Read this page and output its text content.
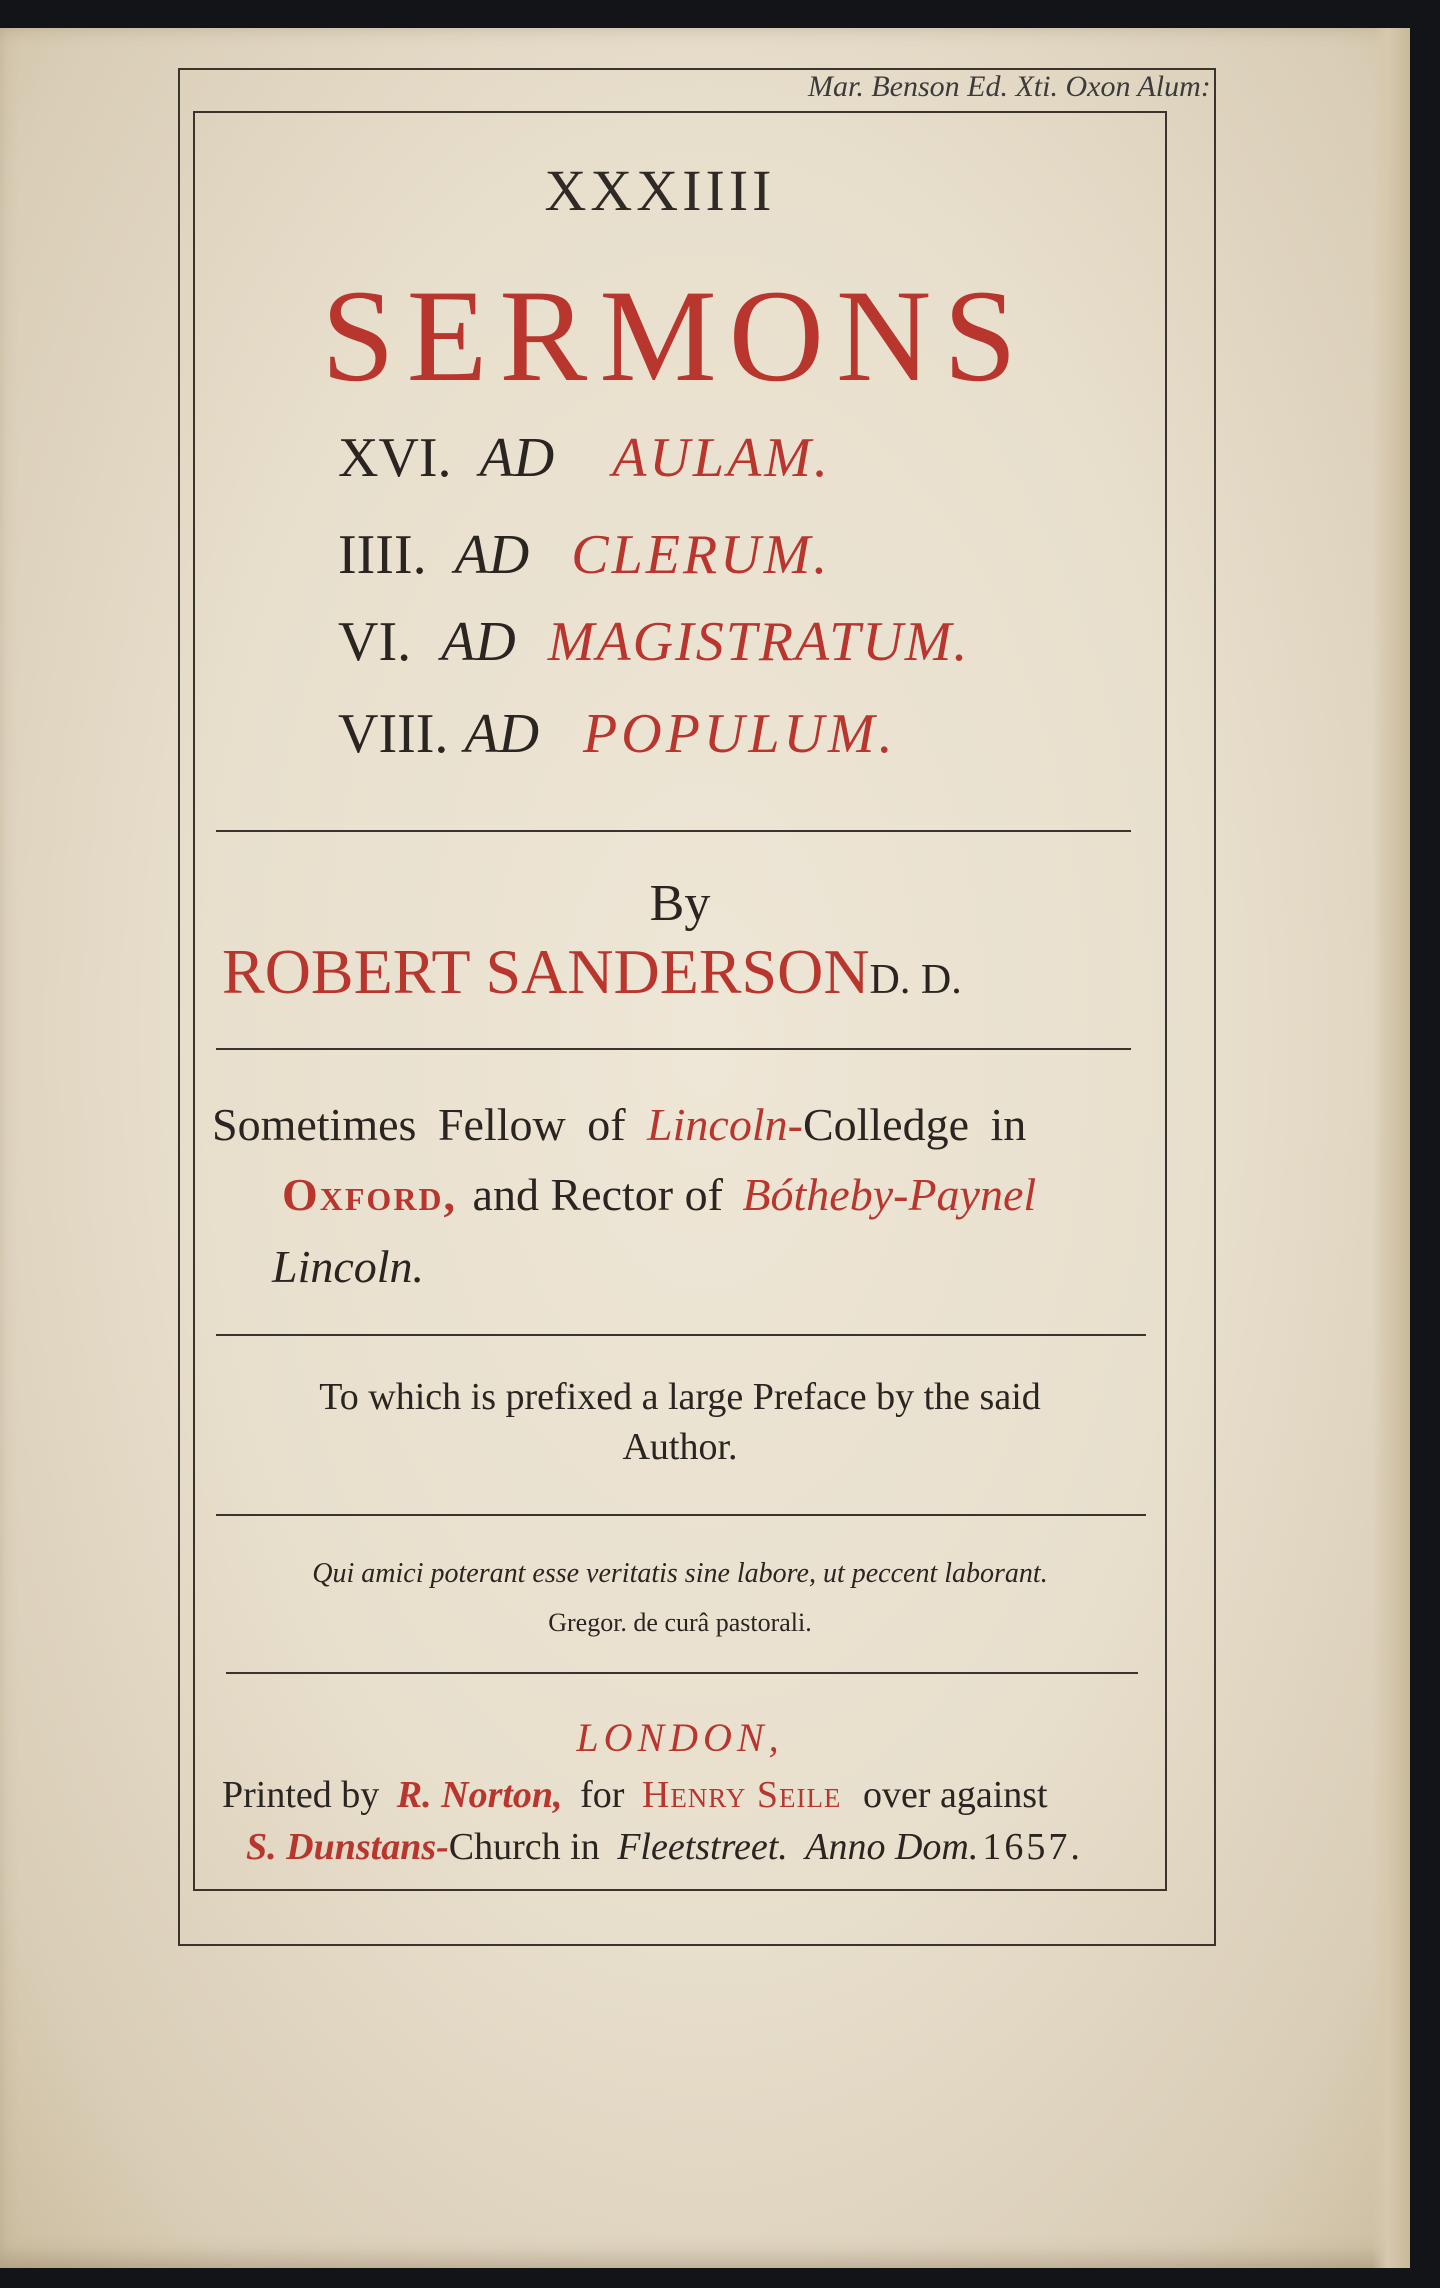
Mar. Benson Ed. Xti. Oxon Alum:
XXXIIII
SERMONS
XVI. AD AULAM.
IIII. AD CLERUM.
VI. AD MAGISTRATUM.
VIII. AD POPULUM.
By
ROBERT SANDERSOND. D.
Sometimes Fellow of Lincoln-Colledge in
Oxford, and Rector of Bótheby-Paynel
Lincoln.
To which is prefixed a large Preface by the said
Author.
Qui amici poterant esse veritatis sine labore, ut peccent laborant.
Gregor. de curâ pastorali.
LONDON,
Printed by R. Norton, for Henry Seile over against
S. Dunstans-Church in Fleetstreet. Anno Dom. 1657.
